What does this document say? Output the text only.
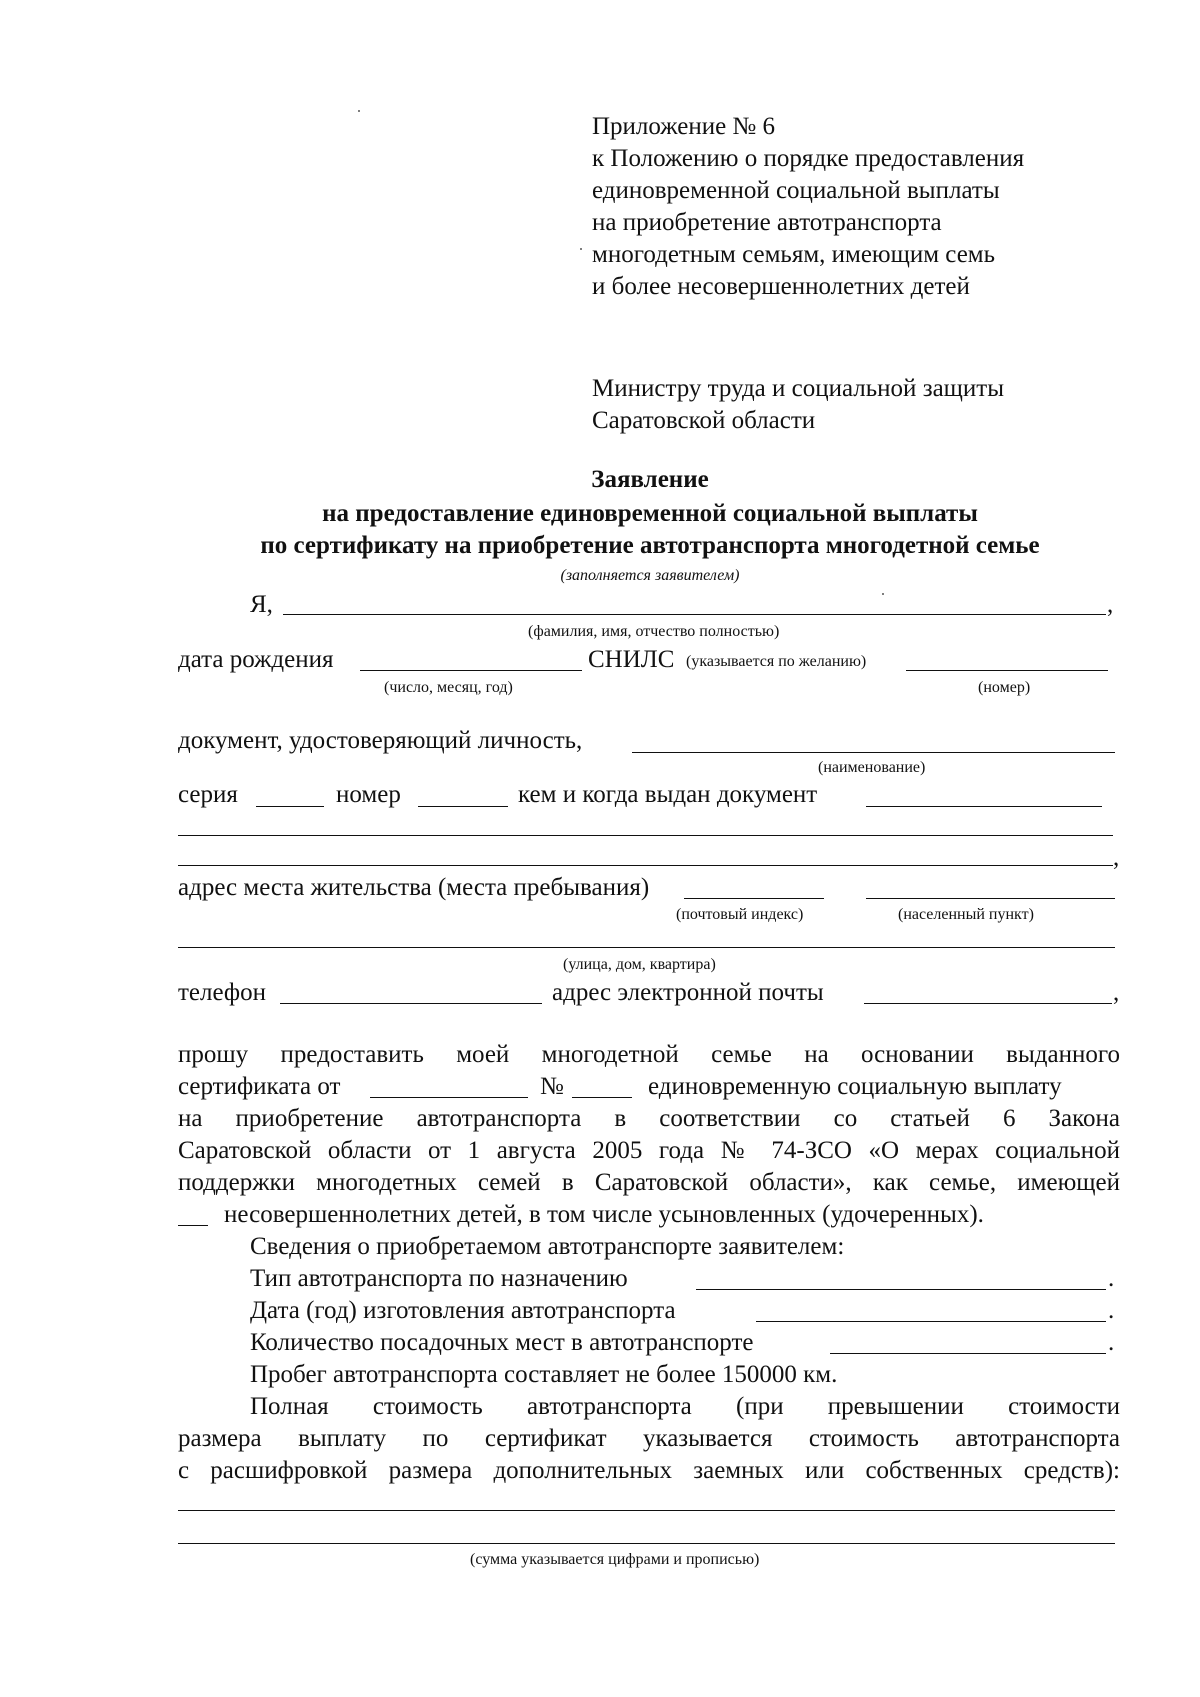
Приложение № 6
к Положению о порядке предоставления
единовременной социальной выплаты
на приобретение автотранспорта
многодетным семьям, имеющим семь
и более несовершеннолетних детей
Министру труда и социальной защиты
Саратовской области
Заявление
на предоставление единовременной социальной выплаты
по сертификату на приобретение автотранспорта многодетной семье
(заполняется заявителем)
Я,	,
(фамилия, имя, отчество полностью)
дата рождения	СНИЛС (указывается по желанию)
(число, месяц, год)	(номер)
документ, удостоверяющий личность,
(наименование)
серия	номер	кем и когда выдан документ
,
адрес места жительства (места пребывания)
(почтовый индекс)	(населенный пункт)
(улица, дом, квартира)
телефон	адрес электронной почты	,
прошу предоставить моей многодетной семье на основании выданного
сертификата от	№	единовременную социальную выплату
на приобретение автотранспорта в соответствии со статьей 6 Закона
Саратовской области от 1 августа 2005 года № 74-ЗСО «О мерах социальной
поддержки многодетных семей в Саратовской области», как семье, имеющей
несовершеннолетних детей, в том числе усыновленных (удочеренных).
Сведения о приобретаемом автотранспорте заявителем:
Тип автотранспорта по назначению	.
Дата (год) изготовления автотранспорта	.
Количество посадочных мест в автотранспорте	.
Пробег автотранспорта составляет не более 150000 км.
Полная стоимость автотранспорта (при превышении стоимости
размера выплату по сертификат указывается стоимость автотранспорта
с расшифровкой размера дополнительных заемных или собственных средств):
(сумма указывается цифрами и прописью)
